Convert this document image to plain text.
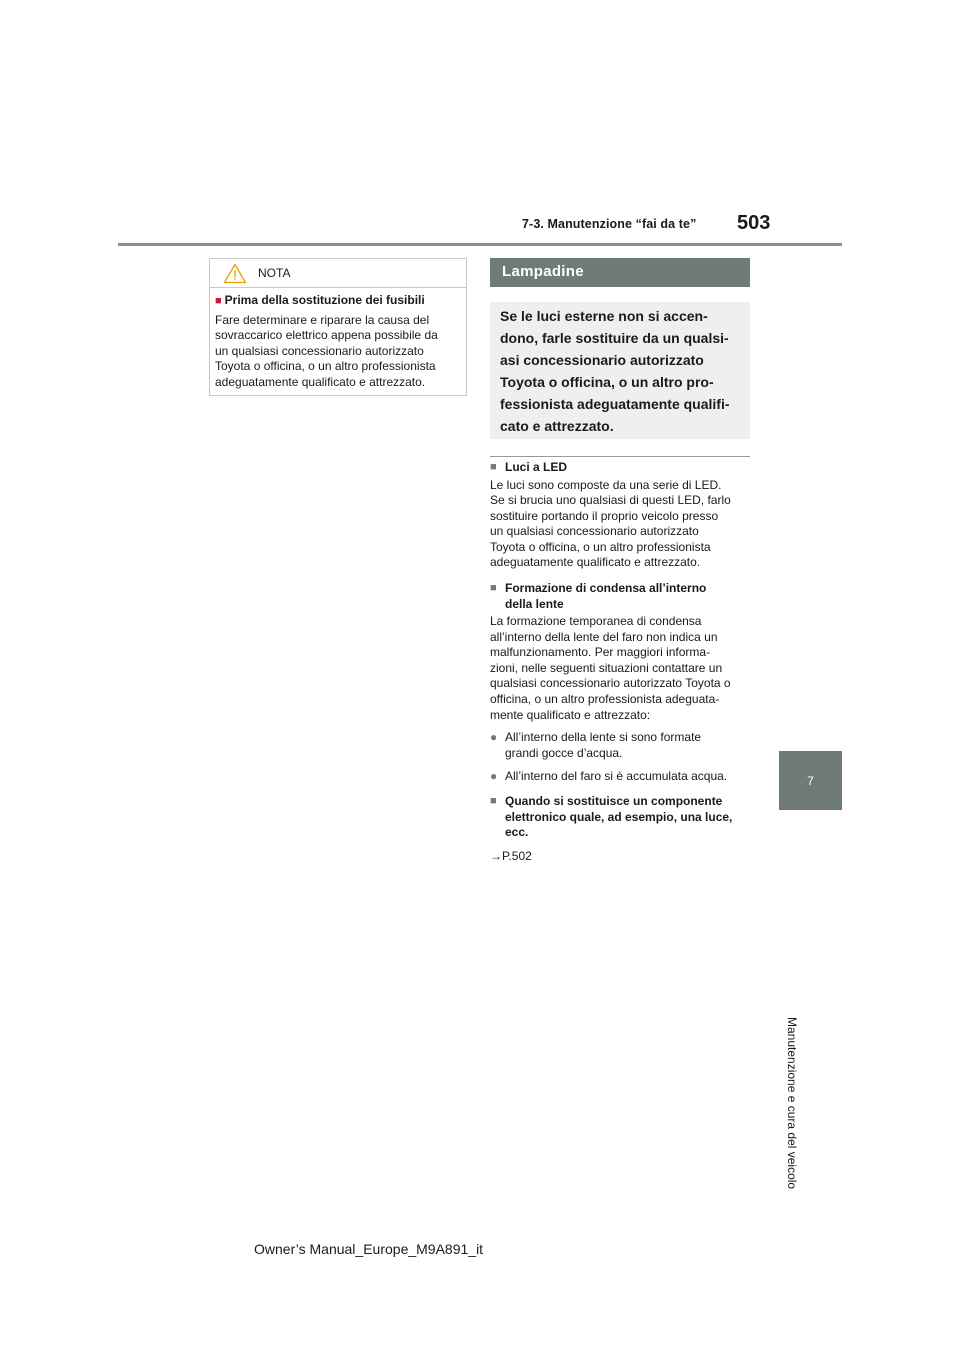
7-3. Manutenzione “fai da te” 503
7
Manutenzione e cura del veicolo
NOTA
■ Prima della sostituzione dei fusibili
Fare determinare e riparare la causa del
sovraccarico elettrico appena possibile da
un qualsiasi concessionario autorizzato
Toyota o officina, o un altro professionista
adeguatamente qualificato e attrezzato.
Lampadine

Se le luci esterne non si accen-
dono, farle sostituire da un qualsi-
asi concessionario autorizzato
Toyota o officina, o un altro pro-
fessionista adeguatamente qualifi-
cato e attrezzato.

■ Luci a LED
Le luci sono composte da una serie di LED.
Se si brucia uno qualsiasi di questi LED, farlo
sostituire portando il proprio veicolo presso
un qualsiasi concessionario autorizzato
Toyota o officina, o un altro professionista
adeguatamente qualificato e attrezzato.
■ Formazione di condensa all’interno
della lente
La formazione temporanea di condensa
all’interno della lente del faro non indica un
malfunzionamento. Per maggiori informa-
zioni, nelle seguenti situazioni contattare un
qualsiasi concessionario autorizzato Toyota o
officina, o un altro professionista adeguata-
mente qualificato e attrezzato:
● All’interno della lente si sono formate
grandi gocce d’acqua.
● All’interno del faro si è accumulata acqua.
■ Quando si sostituisce un componente
elettronico quale, ad esempio, una luce,
ecc.
→P.502
Owner’s Manual_Europe_M9A891_it
